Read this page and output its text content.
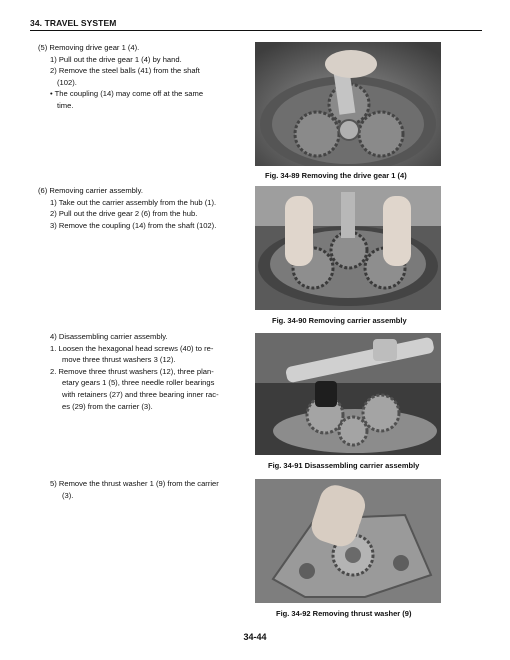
34. TRAVEL SYSTEM
(5) Removing drive gear 1 (4).
1) Pull out the drive gear 1 (4) by hand.
2) Remove the steel balls (41) from the shaft
(102).
• The coupling (14) may come off at the same
time.
Fig. 34-89 Removing the drive gear 1 (4)
(6) Removing carrier assembly.
1) Take out the carrier assembly from the hub (1).
2) Pull out the drive gear 2 (6) from the hub.
3) Remove the coupling (14) from the shaft (102).
Fig. 34-90 Removing carrier assembly
4) Disassembling carrier assembly.
1. Loosen the hexagonal head screws (40) to re-
move three thrust washers 3 (12).
2. Remove three thrust washers (12), three plan-
etary gears 1 (5), three needle roller bearings
with retainers (27) and three bearing inner rac-
es (29) from the carrier (3).
Fig. 34-91 Disassembling carrier assembly
5) Remove the thrust washer 1 (9) from the carrier
(3).
Fig. 34-92 Removing thrust washer (9)
34-44
